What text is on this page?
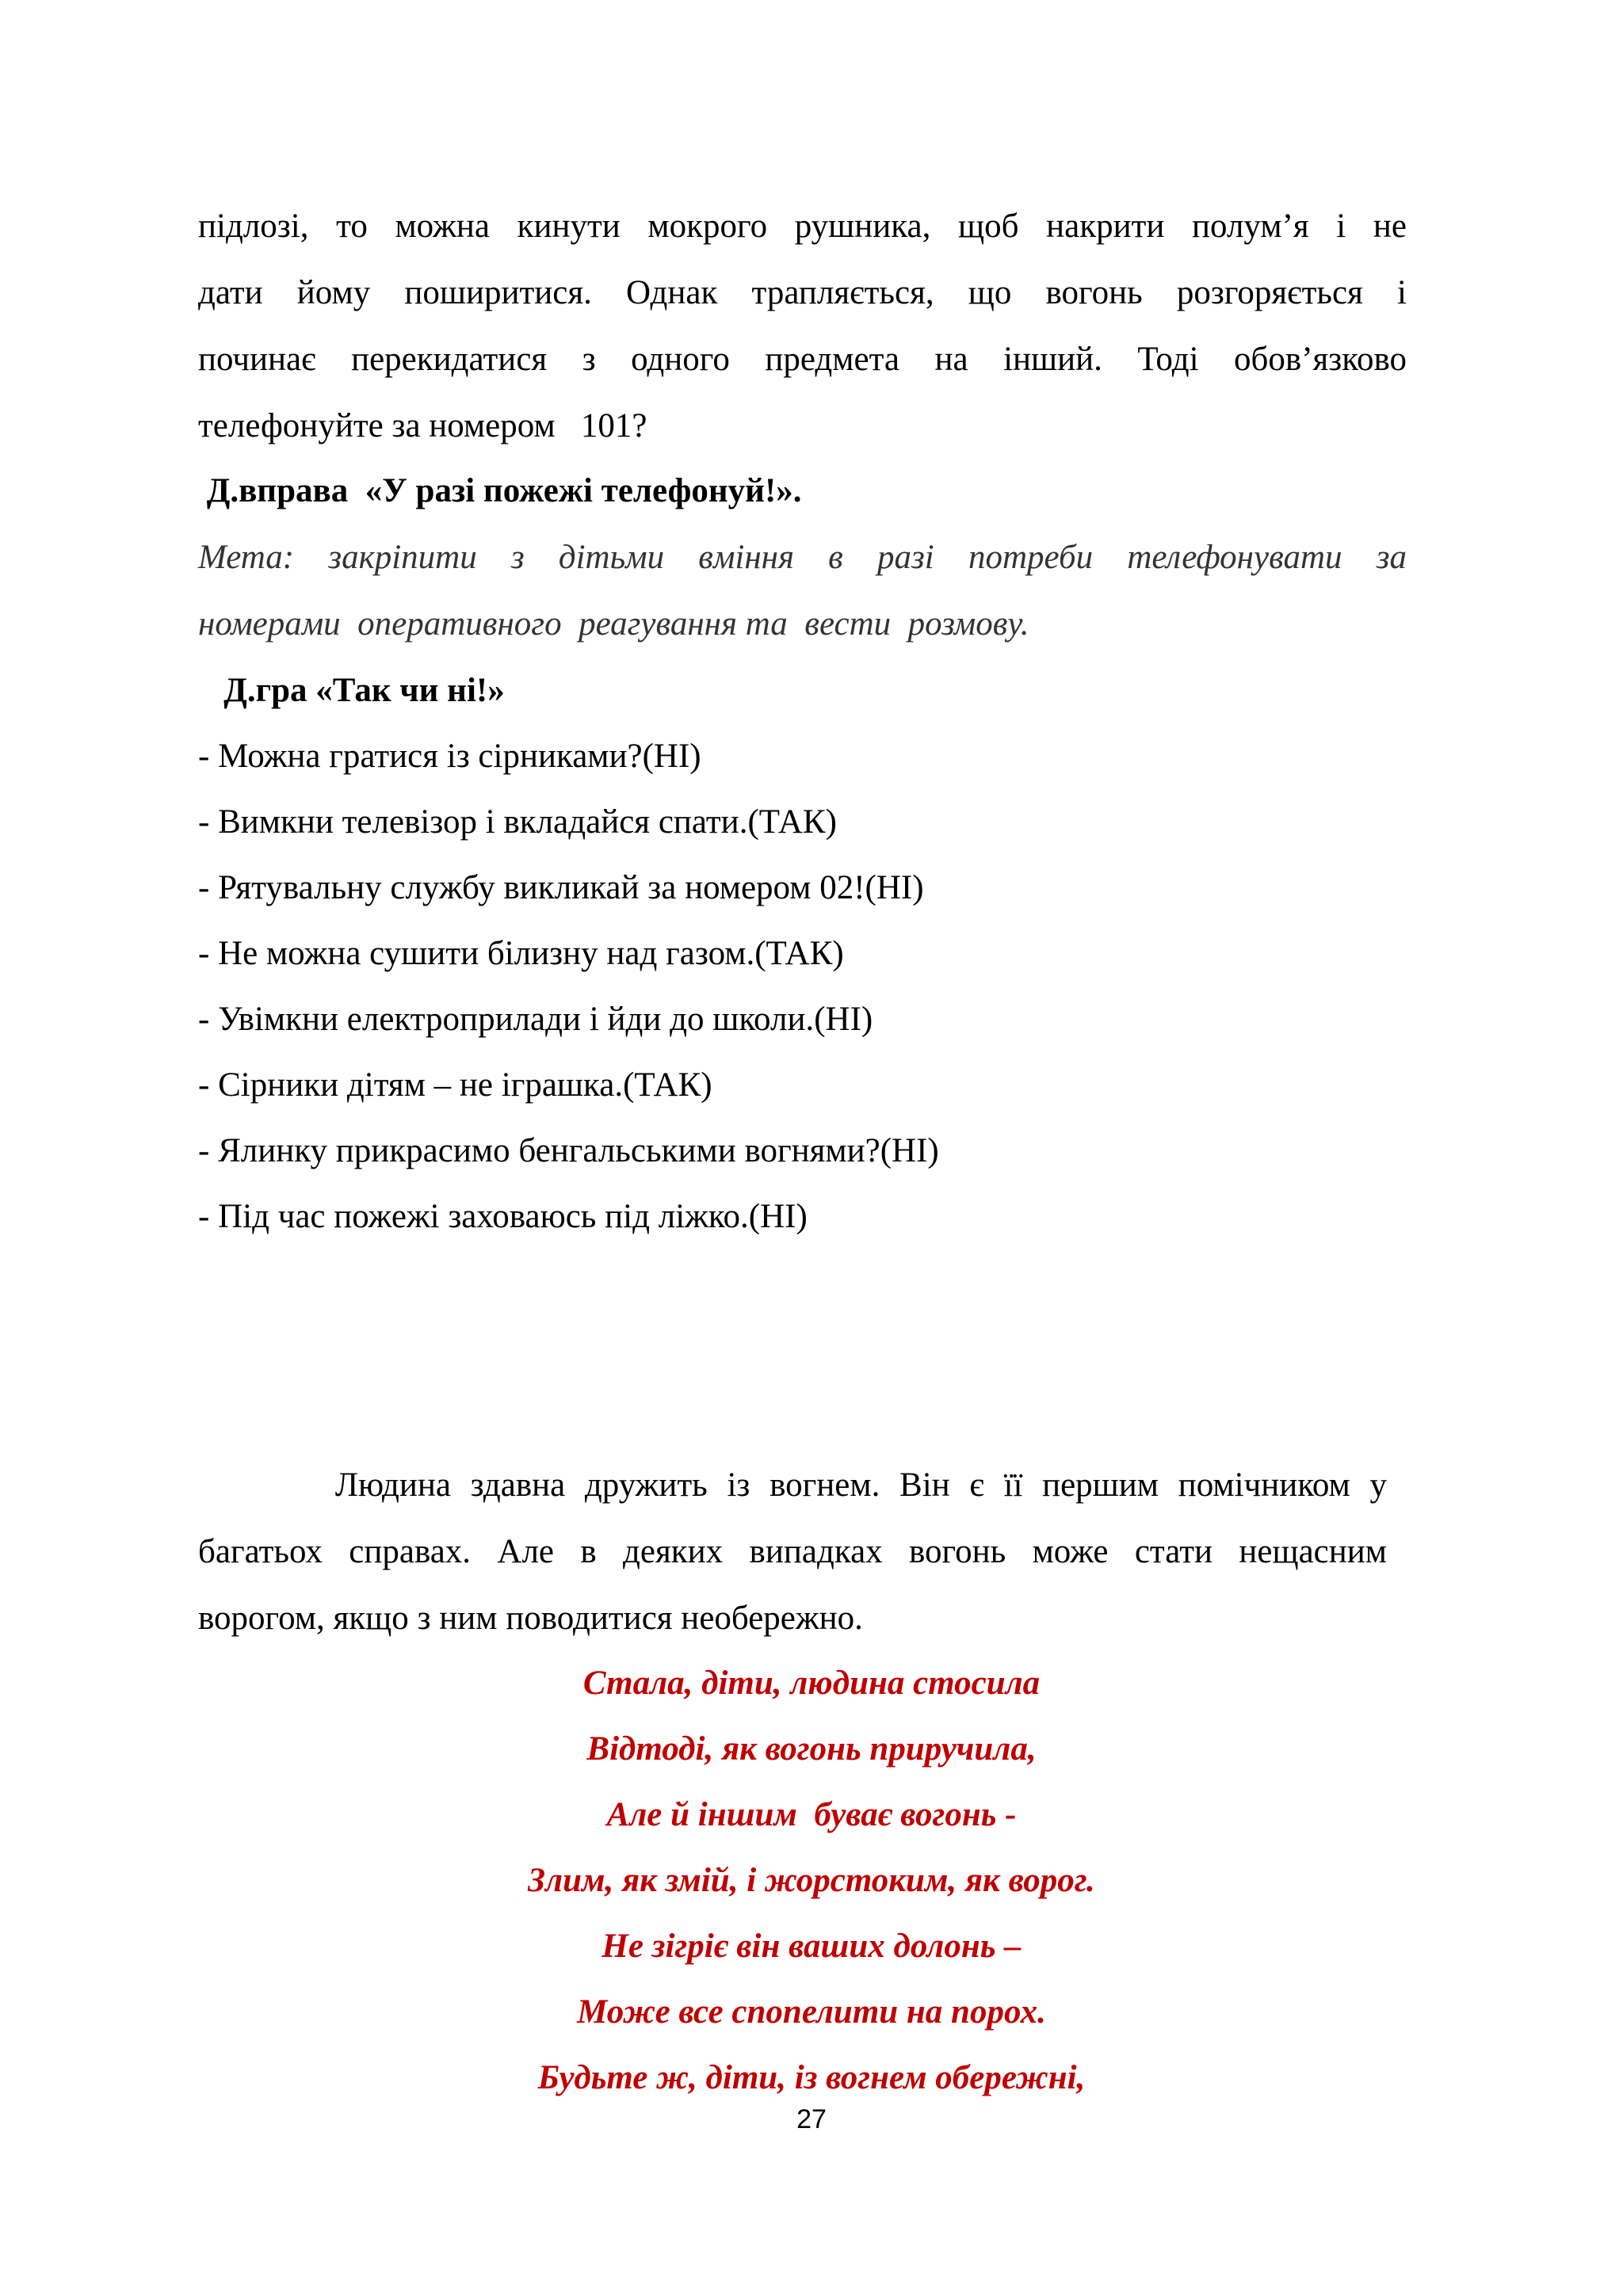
підлозі, то можна кинути мокрого рушника, щоб накрити полум’я і не
дати йому поширитися. Однак трапляється, що вогонь розгоряється і
починає перекидатися з одного предмета на інший. Тоді обов’язково
телефонуйте за номером   101?
Д.вправа  «У разі пожежі телефонуй!».
Мета: закріпити з дітьми вміння в разі потреби телефонувати за
номерами  оперативного  реагування та  вести  розмову.
Д.гра «Так чи ні!»
- Можна гратися із сірниками?(НІ)
- Вимкни телевізор і вкладайся спати.(ТАК)
- Рятувальну службу викликай за номером 02!(НІ)
- Не можна сушити білизну над газом.(ТАК)
- Увімкни електроприлади і йди до школи.(НІ)
- Сірники дітям – не іграшка.(ТАК)
- Ялинку прикрасимо бенгальськими вогнями?(НІ)
- Під час пожежі заховаюсь під ліжко.(НІ)
Людина здавна дружить із вогнем. Він є її першим помічником у
багатьох справах. Але в деяких випадках вогонь може стати нещасним
ворогом, якщо з ним поводитися необережно.
Стала, діти, людина стосила
Відтоді, як вогонь приручила,
Але й іншим  буває вогонь -
Злим, як змій, і жорстоким, як ворог.
Не зігріє він ваших долонь –
Може все спопелити на порох.
Будьте ж, діти, із вогнем обережні,
27
